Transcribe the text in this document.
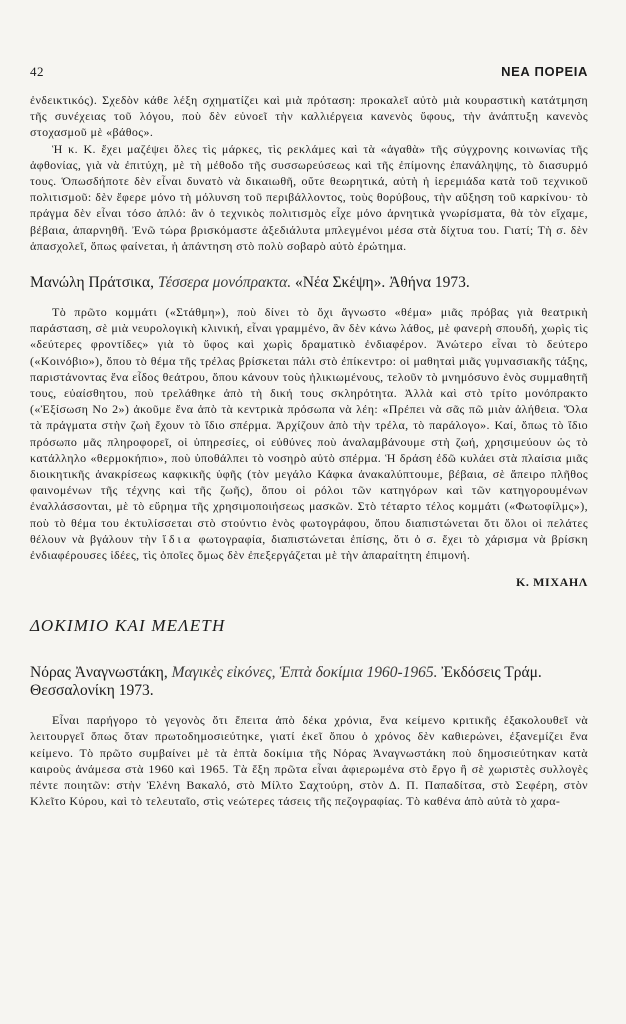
42	ΝΕΑ ΠΟΡΕΙΑ

ἐνδεικτικός). Σχεδὸν κάθε λέξη σχηματίζει καὶ μιὰ πρόταση: προκαλεῖ αὐτὸ μιὰ κουραστικὴ κατάτμηση τῆς συνέχειας τοῦ λόγου, ποὺ δὲν εὐνοεῖ τὴν καλλιέργεια κανενὸς ὕφους, τὴν ἀνάπτυξη κανενὸς στοχασμοῦ μὲ «βάθος».

Ἡ κ. Κ. ἔχει μαζέψει ὅλες τὶς μάρκες, τὶς ρεκλάμες καὶ τὰ «ἀγαθὰ» τῆς σύγχρονης κοινωνίας τῆς ἀφθονίας, γιὰ νὰ ἐπιτύχη, μὲ τὴ μέθοδο τῆς συσσωρεύσεως καὶ τῆς ἐπίμονης ἐπανάληψης, τὸ διασυρμό τους. Ὁπωσδήποτε δὲν εἶναι δυνατὸ νὰ δικαιωθῆ, οὔτε θεωρητικά, αὐτὴ ἡ ἱερεμιάδα κατὰ τοῦ τεχνικοῦ πολιτισμοῦ: δὲν ἔφερε μόνο τὴ μόλυνση τοῦ περιβάλλοντος, τοὺς θορύβους, τὴν αὔξηση τοῦ καρκίνου· τὸ πράγμα δὲν εἶναι τόσο ἁπλό: ἂν ὁ τεχνικὸς πολιτισμὸς εἶχε μόνο ἀρνητικὰ γνωρίσματα, θὰ τὸν εἴχαμε, βέβαια, ἀπαρνηθῆ. Ἐνῶ τώρα βρισκόμαστε ἀξεδιάλυτα μπλεγμένοι μέσα στὰ δίχτυα του. Γιατί; Τὴ σ. δὲν ἀπασχολεῖ, ὅπως φαίνεται, ἡ ἀπάντηση στὸ πολὺ σοβαρὸ αὐτὸ ἐρώτημα.

Μανώλη Πράτσικα, Τέσσερα μονόπρακτα. «Νέα Σκέψη». Ἀθήνα 1973.

Τὸ πρῶτο κομμάτι («Στάθμη»), ποὺ δίνει τὸ ὄχι ἄγνωστο «θέμα» μιᾶς πρόβας γιὰ θεατρικὴ παράσταση, σὲ μιὰ νευρολογικὴ κλινική, εἶναι γραμμένο, ἂν δὲν κάνω λάθος, μὲ φανερὴ σπουδή, χωρὶς τὶς «δεύτερες φροντίδες» γιὰ τὸ ὕφος καὶ χωρὶς δραματικὸ ἐνδιαφέρον. Ἀνώτερο εἶναι τὸ δεύτερο («Κοινόβιο»), ὅπου τὸ θέμα τῆς τρέλας βρίσκεται πάλι στὸ ἐπίκεντρο: οἱ μαθηταὶ μιᾶς γυμνασιακῆς τάξης, παριστάνοντας ἕνα εἶδος θεάτρου, ὅπου κάνουν τοὺς ἡλικιωμένους, τελοῦν τὸ μνημόσυνο ἑνὸς συμμαθητῆ τους, εὐαίσθητου, ποὺ τρελάθηκε ἀπὸ τὴ δική τους σκληρότητα. Ἀλλὰ καὶ στὸ τρίτο μονόπρακτο («Ἐξίσωση Νο 2») ἀκοῦμε ἕνα ἀπὸ τὰ κεντρικὰ πρόσωπα νὰ λέη: «Πρέπει νὰ σᾶς πῶ μιὰν ἀλήθεια. Ὅλα τὰ πράγματα στὴν ζωὴ ἔχουν τὸ ἴδιο σπέρμα. Ἀρχίζουν ἀπὸ τὴν τρέλα, τὸ παράλογο». Καί, ὅπως τὸ ἴδιο πρόσωπο μᾶς πληροφορεῖ, οἱ ὑπηρεσίες, οἱ εὐθύνες ποὺ ἀναλαμβάνουμε στὴ ζωή, χρησιμεύουν ὡς τὸ κατάλληλο «θερμοκήπιο», ποὺ ὑποθάλπει τὸ νοσηρὸ αὐτὸ σπέρμα. Ἡ δράση ἐδῶ κυλάει στὰ πλαίσια μιᾶς διοικητικῆς ἀνακρίσεως καφκικῆς ὑφῆς (τὸν μεγάλο Κάφκα ἀνακαλύπτουμε, βέβαια, σὲ ἄπειρο πλῆθος φαινομένων τῆς τέχνης καὶ τῆς ζωῆς), ὅπου οἱ ρόλοι τῶν κατηγόρων καὶ τῶν κατηγορουμένων ἐναλλάσσονται, μὲ τὸ εὕρημα τῆς χρησιμοποιήσεως μασκῶν. Στὸ τέταρτο τέλος κομμάτι («Φωτοφίλμς»), ποὺ τὸ θέμα του ἐκτυλίσσεται στὸ στούντιο ἑνὸς φωτογράφου, ὅπου διαπιστώνεται ὅτι ὅλοι οἱ πελάτες θέλουν νὰ βγάλουν τὴν ἴδια φωτογραφία, διαπιστώνεται ἐπίσης, ὅτι ὁ σ. ἔχει τὸ χάρισμα νὰ βρίσκη ἐνδιαφέρουσες ἰδέες, τὶς ὁποῖες ὅμως δὲν ἐπεξεργάζεται μὲ τὴν ἀπαραίτητη ἐπιμονή.

Κ. ΜΙΧΑΗΛ

ΔΟΚΙΜΙΟ ΚΑΙ ΜΕΛΕΤΗ
Νόρας Ἀναγνωστάκη, Μαγικὲς εἰκόνες, Ἑπτὰ δοκίμια 1960-1965. Ἐκδόσεις Τράμ. Θεσσαλονίκη 1973.

Εἶναι παρήγορο τὸ γεγονὸς ὅτι ἔπειτα ἀπὸ δέκα χρόνια, ἕνα κείμενο κριτικῆς ἐξακολουθεῖ νὰ λειτουργεῖ ὅπως ὅταν πρωτοδημοσιεύτηκε, γιατί ἐκεῖ ὅπου ὁ χρόνος δὲν καθιερώνει, ἐξανεμίζει ἕνα κείμενο. Τὸ πρῶτο συμβαίνει μὲ τὰ ἑπτὰ δοκίμια τῆς Νόρας Ἀναγνωστάκη ποὺ δημοσιεύτηκαν κατὰ καιροὺς ἀνάμεσα στὰ 1960 καὶ 1965. Τὰ ἕξη πρῶτα εἶναι ἀφιερωμένα στὸ ἔργο ἢ σὲ χωριστὲς συλλογὲς πέντε ποιητῶν: στὴν Ἑλένη Βακαλό, στὸ Μίλτο Σαχτούρη, στὸν Δ. Π. Παπαδίτσα, στὸ Σεφέρη, στὸν Κλεῖτο Κύρου, καὶ τὸ τελευταῖο, στὶς νεώτερες τάσεις τῆς πεζογραφίας. Τὸ καθένα ἀπὸ αὐτὰ τὸ χαρα-
